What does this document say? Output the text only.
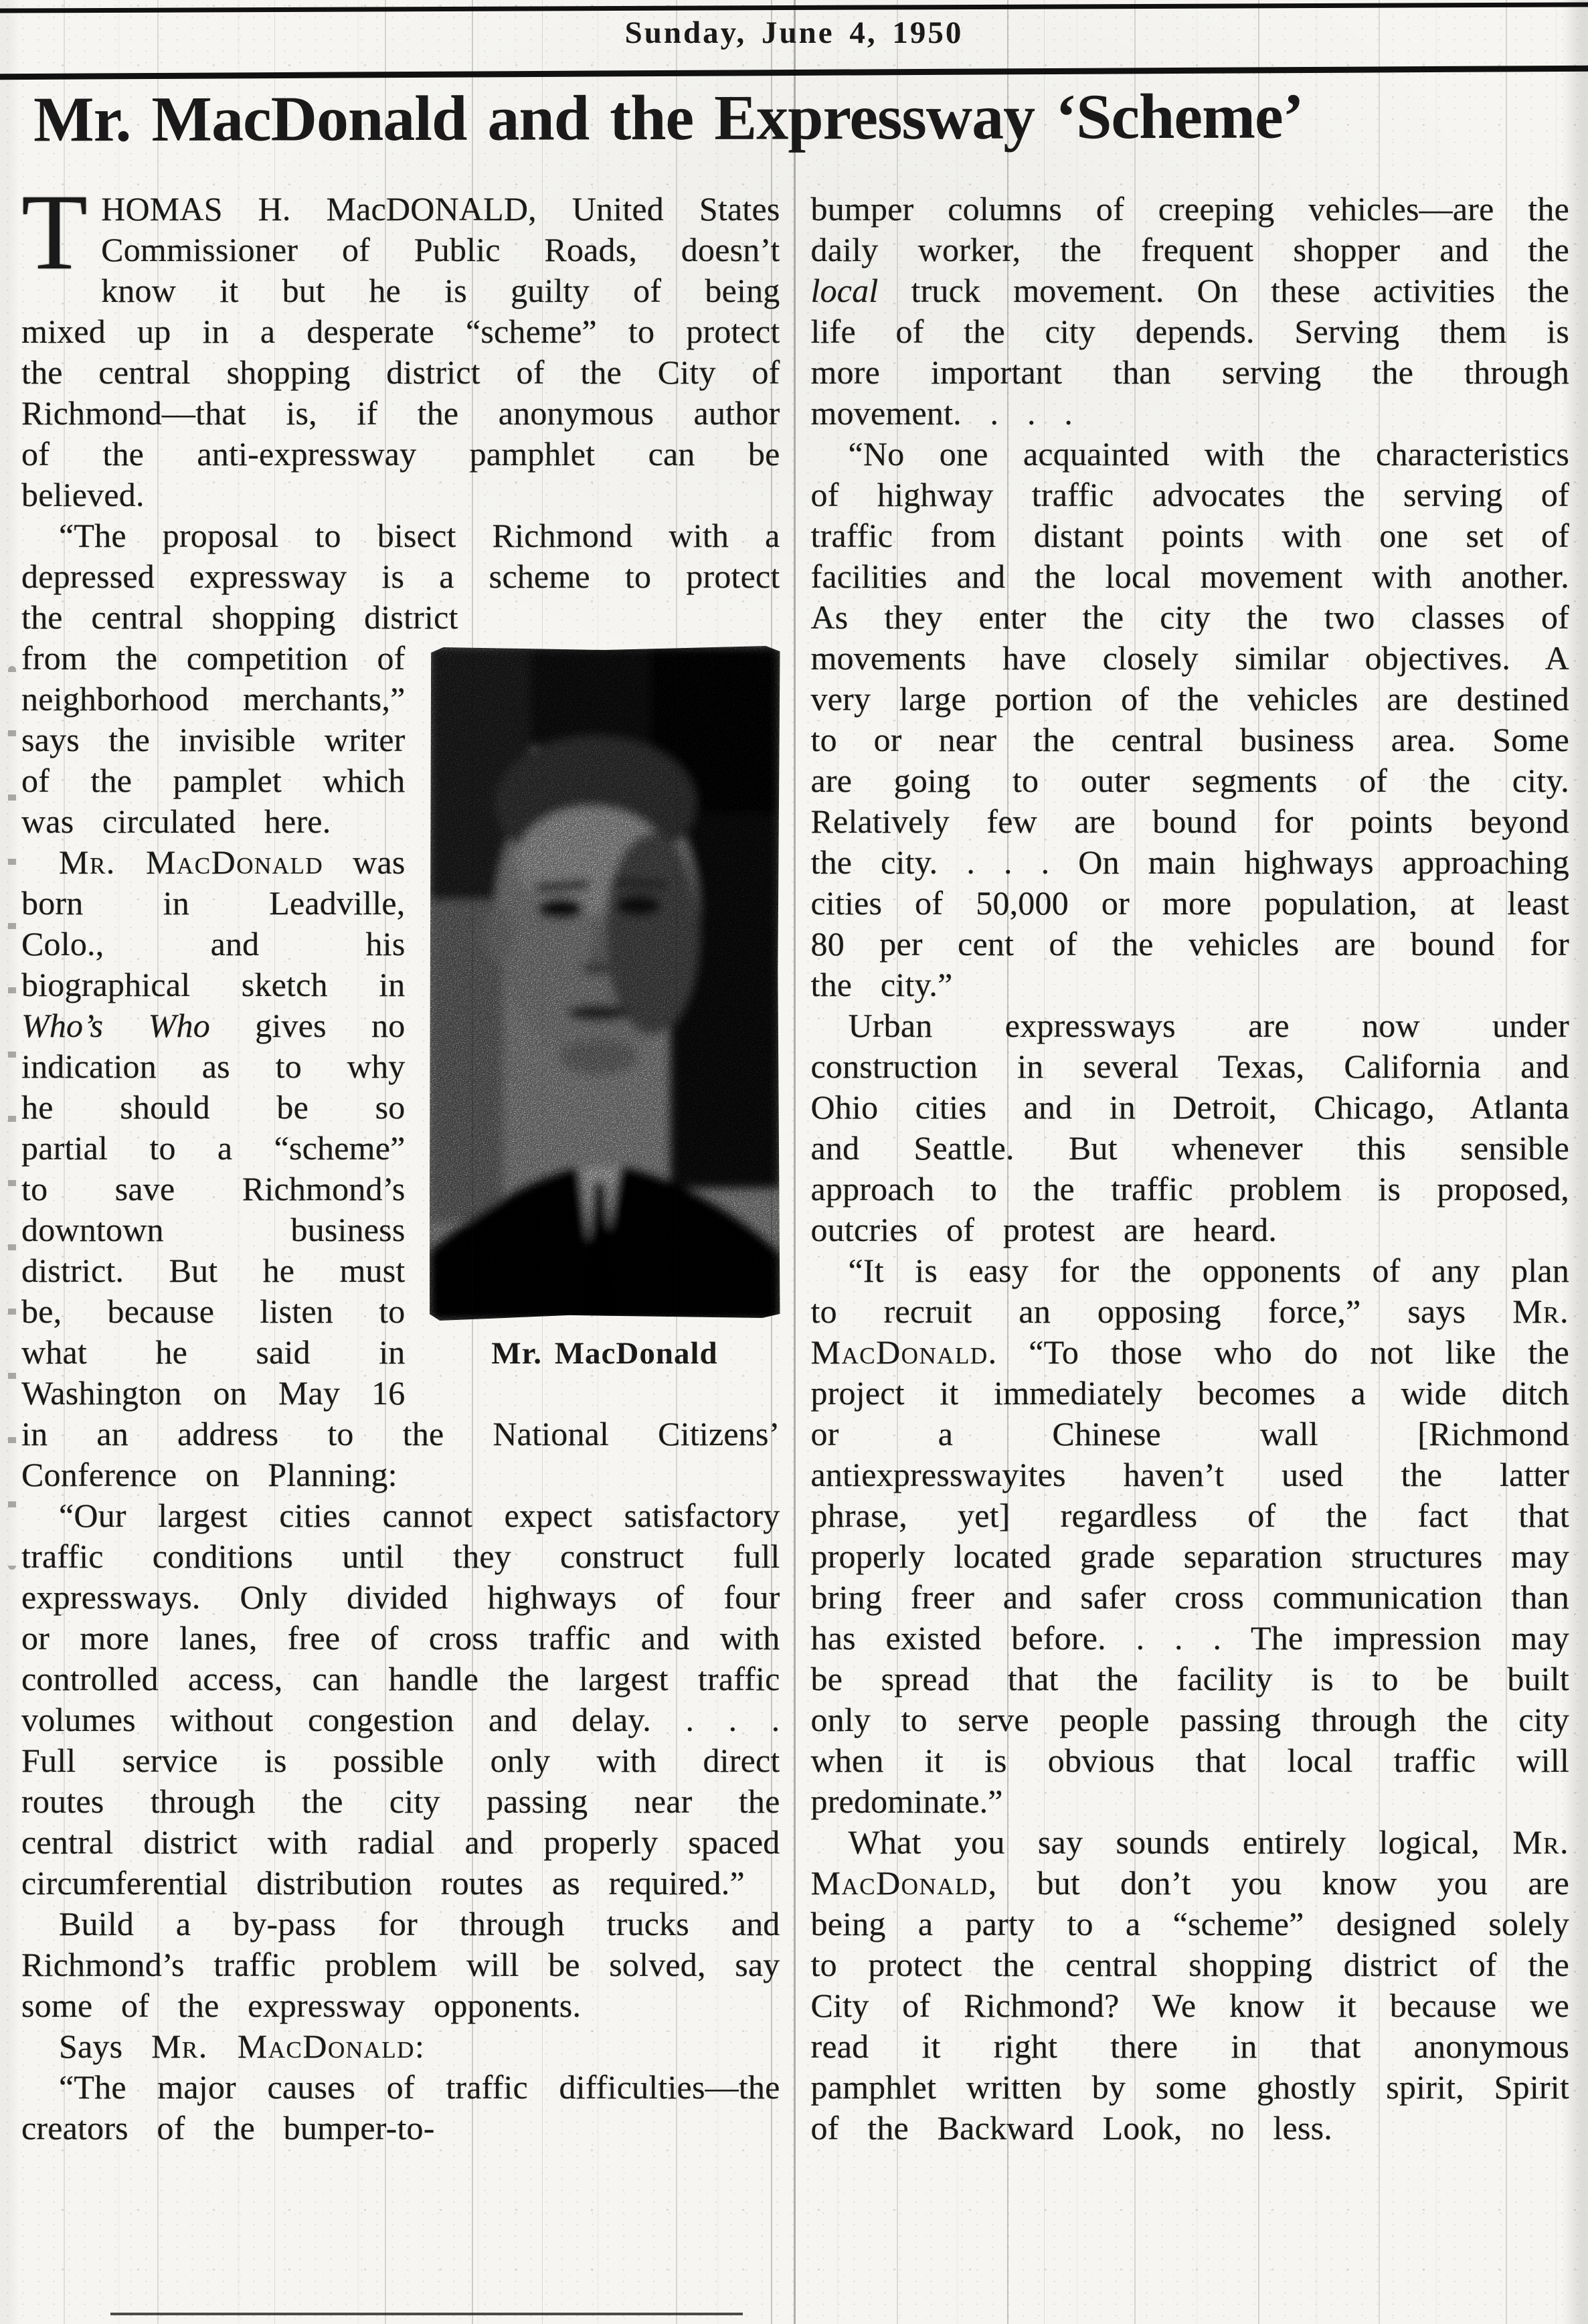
Sunday, June 4, 1950
Mr. MacDonald and the Expressway ‘Scheme’

THOMAS H. MacDONALD, United States Commissioner of Public Roads, doesn’t know it but he is guilty of being mixed up in a desperate “scheme” to protect the central shopping district of the City of Richmond—that is, if the anonymous author of the anti-expressway pamphlet can be believed.

“The proposal to bisect Richmond with a depressed expressway is a scheme to protect the central shopping district

Mr. MacDonald

from the competition of neighborhood merchants,” says the invisible writer of the pamplet which was circulated here.

Mr. MacDonald was born in Leadville, Colo., and his biographical sketch in Who’s Who gives no indication as to why he should be so partial to a “scheme” to save Richmond’s downtown business district. But he must be, because listen to what he said in Washington on May 16 in an address to the National Citizens’ Conference on Planning:

“Our largest cities cannot expect satisfactory traffic conditions until they construct full expressways. Only divided highways of four or more lanes, free of cross traffic and with controlled access, can handle the largest traffic volumes without congestion and delay. . . . Full service is possible only with direct routes through the city passing near the central district with radial and properly spaced circumferential distribution routes as required.”

Build a by-pass for through trucks and Richmond’s traffic problem will be solved, say some of the expressway opponents.

Says Mr. MacDonald:

“The major causes of traffic difficulties—the creators of the bumper-to-

bumper columns of creeping vehicles—are the daily worker, the frequent shopper and the local truck movement. On these activities the life of the city depends. Serving them is more important than serving the through movement. . . .

“No one acquainted with the characteristics of highway traffic advocates the serving of traffic from distant points with one set of facilities and the local movement with another. As they enter the city the two classes of movements have closely similar objectives. A very large portion of the vehicles are destined to or near the central business area. Some are going to outer segments of the city. Relatively few are bound for points beyond the city. . . . On main highways approaching cities of 50,000 or more population, at least 80 per cent of the vehicles are bound for the city.”

Urban expressways are now under construction in several Texas, California and Ohio cities and in Detroit, Chicago, Atlanta and Seattle. But whenever this sensible approach to the traffic problem is proposed, outcries of protest are heard.

“It is easy for the opponents of any plan to recruit an opposing force,” says Mr. MacDonald. “To those who do not like the project it immediately becomes a wide ditch or a Chinese wall [Richmond antiexpresswayites haven’t used the latter phrase, yet] regardless of the fact that properly located grade separation structures may bring freer and safer cross communication than has existed before. . . . The impression may be spread that the facility is to be built only to serve people passing through the city when it is obvious that local traffic will predominate.”

What you say sounds entirely logical, Mr. MacDonald, but don’t you know you are being a party to a “scheme” designed solely to protect the central shopping district of the City of Richmond? We know it because we read it right there in that anonymous pamphlet written by some ghostly spirit, Spirit of the Backward Look, no less.
